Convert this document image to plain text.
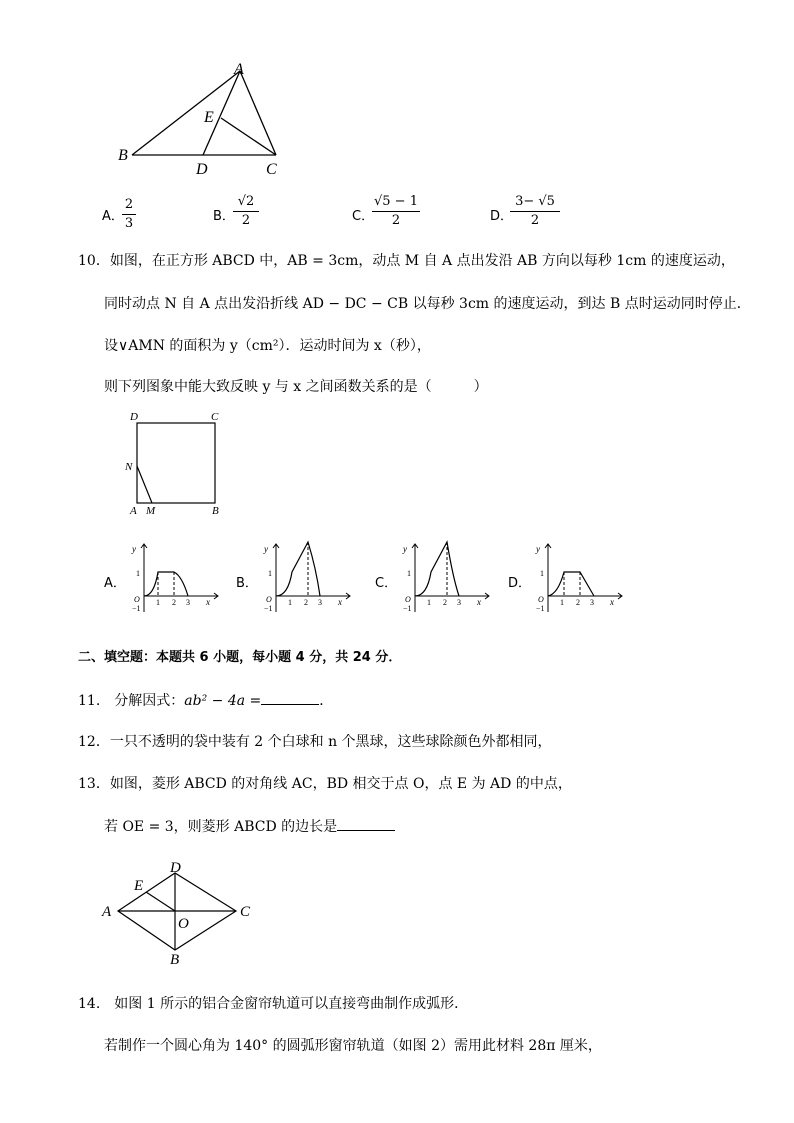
A
B
C
D
E
A．
2
3	B．
√2
2	C．
√5 − 1
2	D．
3− √5
2
10．如图，在正方形 ABCD 中，AB = 3cm，动点 M 自 A 点出发沿 AB 方向以每秒 1cm 的速度运动，
同时动点 N 自 A 点出发沿折线 AD − DC − CB 以每秒 3cm 的速度运动，到达 B 点时运动同时停止．
设∨AMN 的面积为 y（cm²）．运动时间为 x（秒），
则下列图象中能大致反映 y 与 x 之间函数关系的是（　　　）
D	C
N
A M	B
A．
y
1
O
−1
1 2 3 x
B．
y
1
O
−1
1 2 3 x
C．
y
1
O
−1
1 2 3 x
D．
y
1
O
−1
1 2 3 x
二、填空题：本题共 6 小题，每小题 4 分，共 24 分．
11.　分解因式：ab² − 4a =	．
12．一只不透明的袋中装有 2 个白球和 n 个黑球，这些球除颜色外都相同，
13．如图，菱形 ABCD 的对角线 AC，BD 相交于点 O，点 E 为 AD 的中点，
若 OE = 3，则菱形 ABCD 的边长是
D
E
A	C
O
B
14.　如图 1 所示的铝合金窗帘轨道可以直接弯曲制作成弧形．
若制作一个圆心角为 140° 的圆弧形窗帘轨道（如图 2）需用此材料 28π 厘米，
